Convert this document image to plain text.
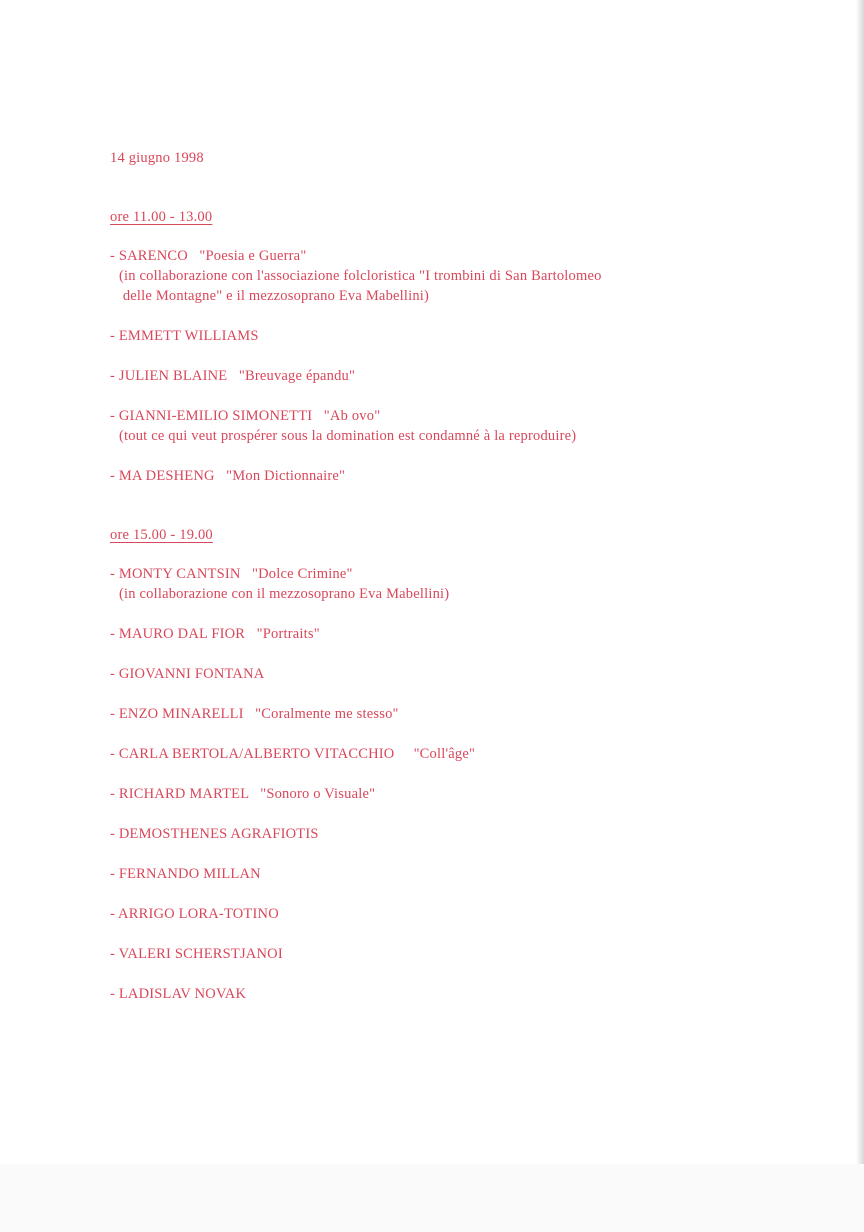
14 giugno 1998
ore 11.00 - 13.00
- SARENCO   "Poesia e Guerra"
(in collaborazione con l'associazione folcloristica "I trombini di San Bartolomeo
delle Montagne" e il mezzosoprano Eva Mabellini)
- EMMETT WILLIAMS
- JULIEN BLAINE   "Breuvage épandu"
- GIANNI-EMILIO SIMONETTI   "Ab ovo"
(tout ce qui veut prospérer sous la domination est condamné à la reproduire)
- MA DESHENG   "Mon Dictionnaire"
ore 15.00 - 19.00
- MONTY CANTSIN   "Dolce Crimine"
(in collaborazione con il mezzosoprano Eva Mabellini)
- MAURO DAL FIOR   "Portraits"
- GIOVANNI FONTANA
- ENZO MINARELLI   "Coralmente me stesso"
- CARLA BERTOLA/ALBERTO VITACCHIO     "Coll'âge"
- RICHARD MARTEL   "Sonoro o Visuale"
- DEMOSTHENES AGRAFIOTIS
- FERNANDO MILLAN
- ARRIGO LORA-TOTINO
- VALERI SCHERSTJANOI
- LADISLAV NOVAK
